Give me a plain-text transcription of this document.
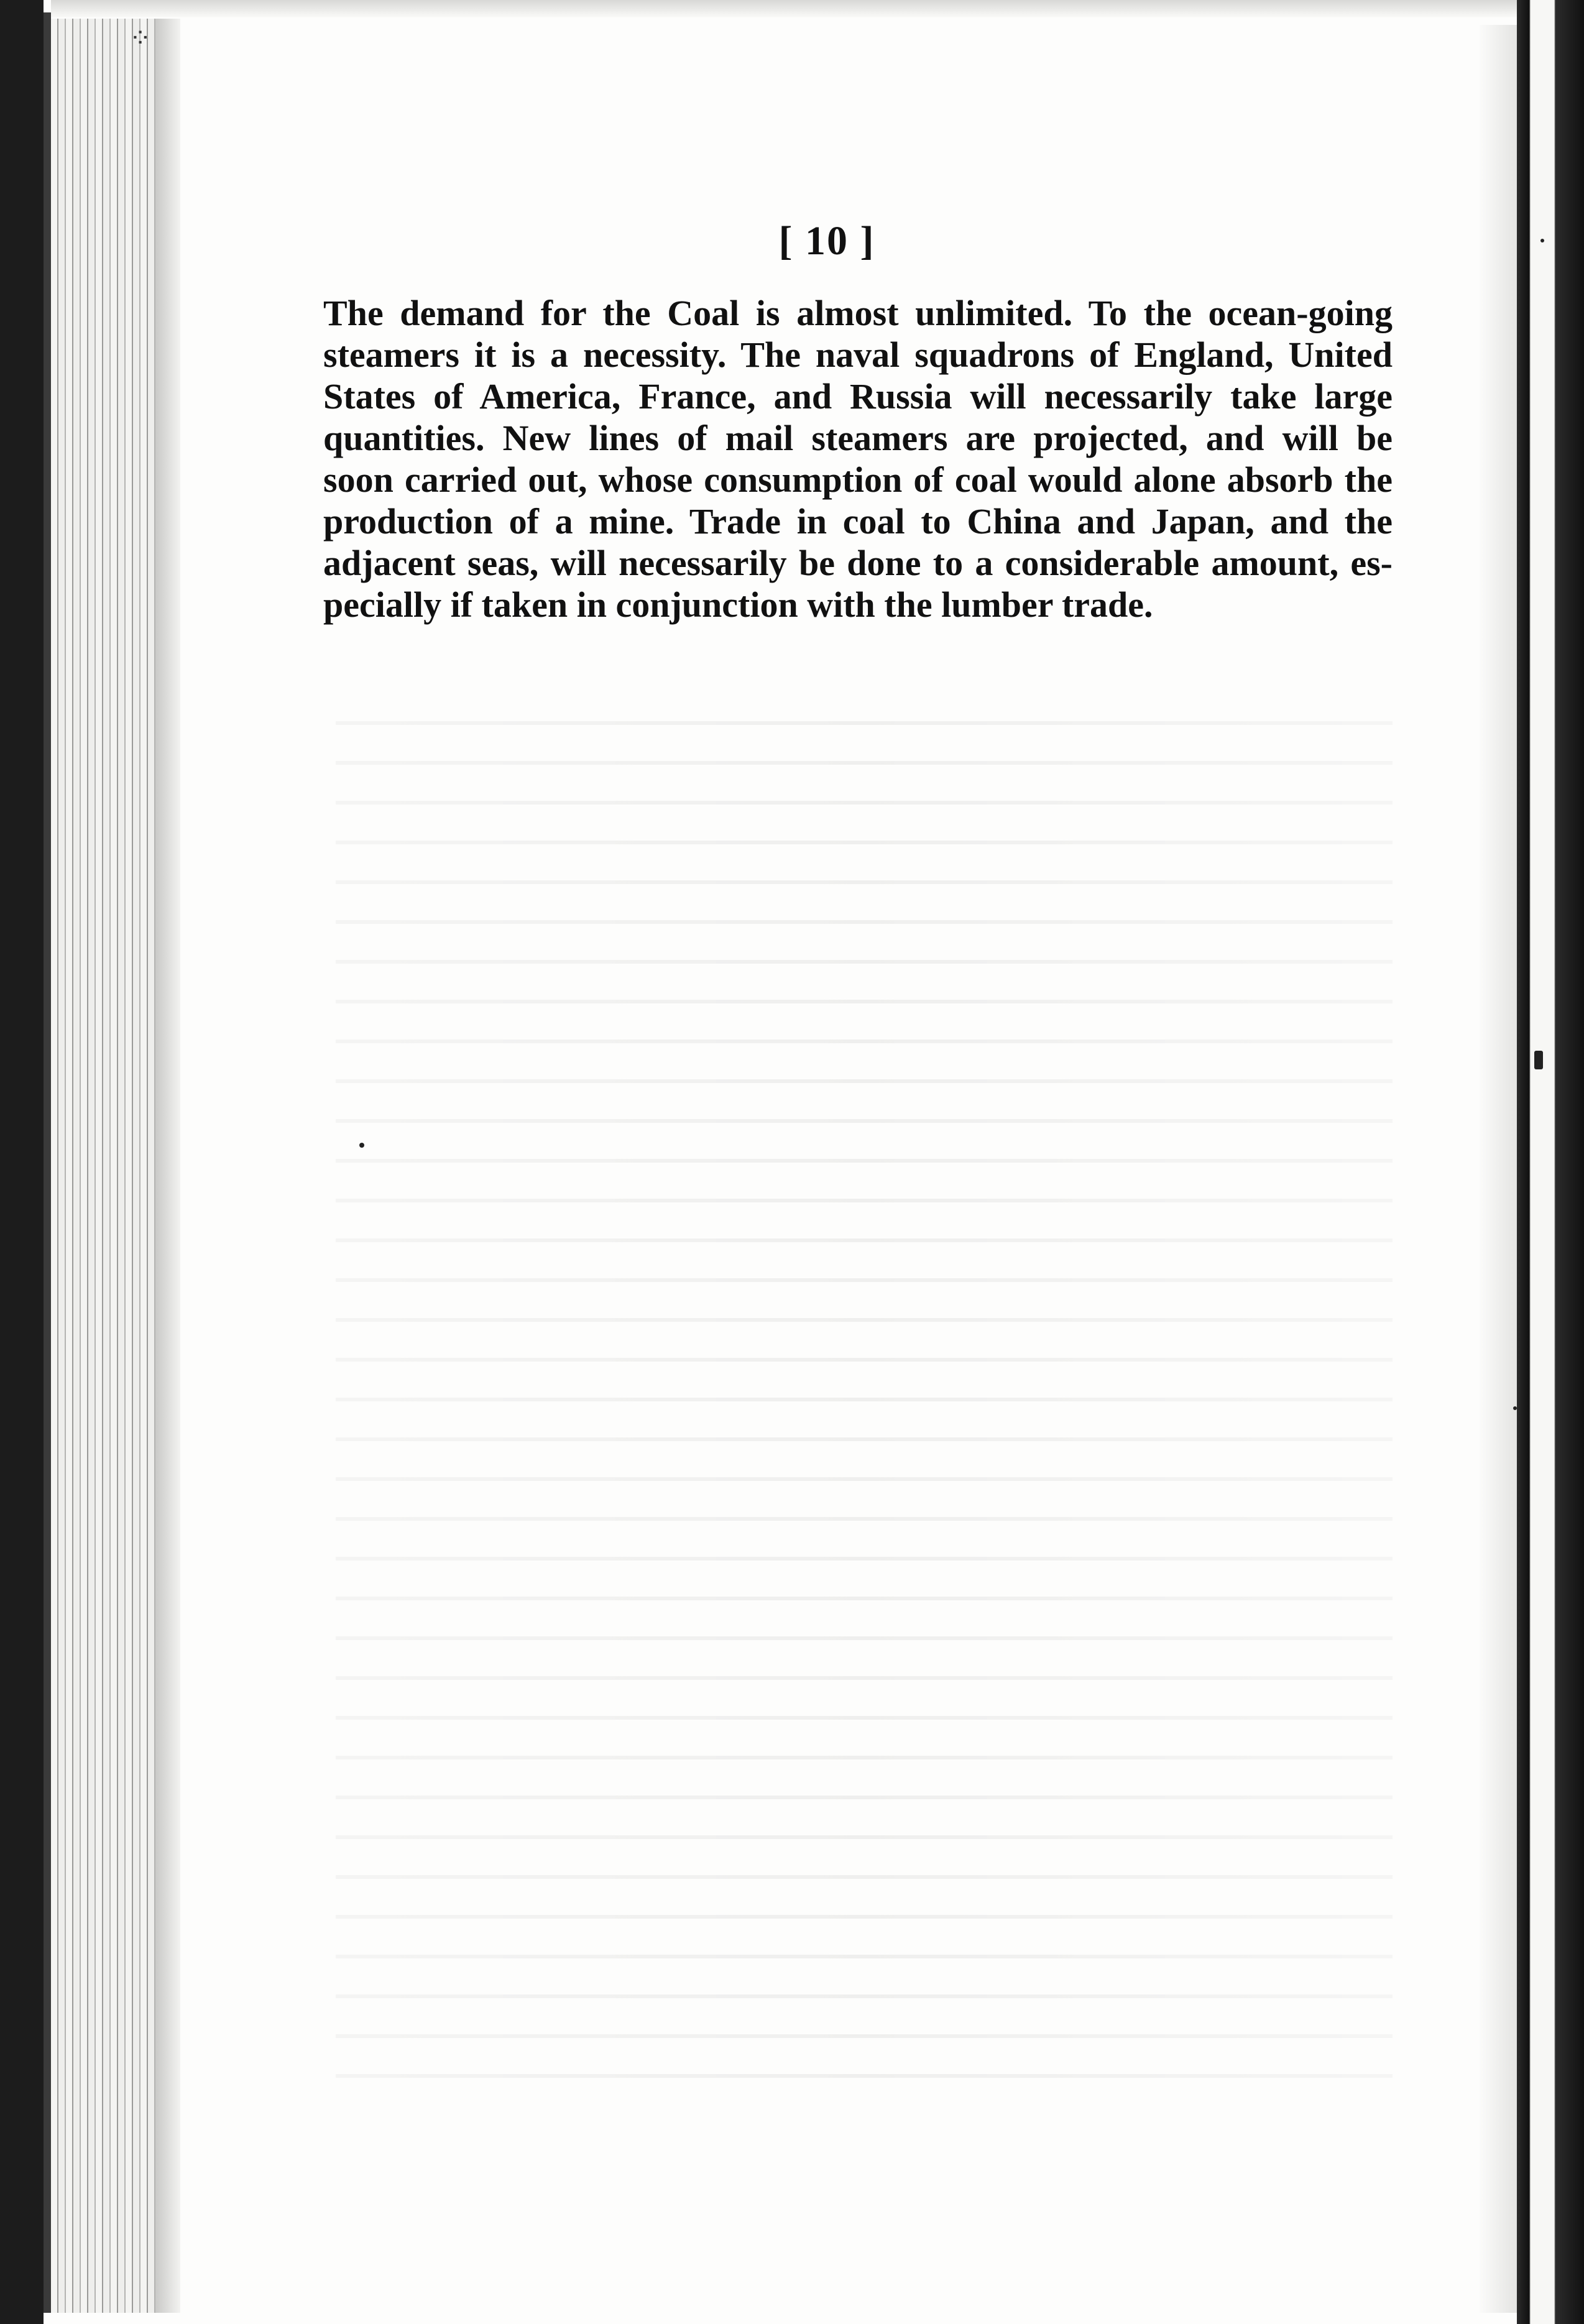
⁘
[ 10 ]
The demand for the Coal is almost unlimited. To the ocean-going
steamers it is a necessity. The naval squadrons of England, United
States of America, France, and Russia will necessarily take large
quantities. New lines of mail steamers are projected, and will be
soon carried out, whose consumption of coal would alone absorb the
production of a mine. Trade in coal to China and Japan, and the
adjacent seas, will necessarily be done to a considerable amount, es-
pecially if taken in conjunction with the lumber trade.
